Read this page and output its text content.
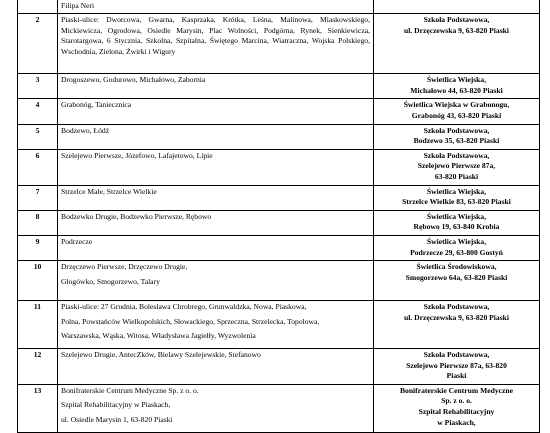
	Filipa Neri	

2	Piaski-ulice: Dworcowa, Gwarna, Kasprzaka, Krótka, Leśna, Malinowa, Miaskowskiego, Mickiewicza, Ogrodowa, Osiedle Marysin, Plac Wolności, Podgórna, Rynek, Sienkiewicza, Starotargowa, 6 Stycznia, Szkolna, Szpitalna, Świętego Marcina, Wiatraczna, Wojska Polskiego, Wschodnia, Zielona, Żwirki i Wigury	Szkoła Podstawowa,
ul. Drzęczewska 9, 63-820 Piaski

3	Drogoszewo, Godurowo, Michałowo, Zabornia	Świetlica Wiejska,
Michałowo 44, 63-820 Piaski

4	Grabonóg, Taniecznica	Świetlica Wiejska w Grabonogu,
Grabonóg 43, 63-820 Piaski

5	Bodzewo, Łódź	Szkoła Podstawowa,
Bodzewo 35, 63-820 Piaski

6	Szelejewo Pierwsze, Józefowo, Lafajetowo, Lipie	Szkoła Podstawowa,
Szelejewo Pierwsze 87a,
63-820 Piaski

7	Strzelce Małe, Strzelce Wielkie	Świetlica Wiejska,
Strzelce Wielkie 83, 63-820 Piaski

8	Bodzewko Drugie, Bodzewko Pierwsze, Rębowo	Świetlica Wiejska,
Rębowo 19, 63-840 Krobia

9	Podrzecze	Świetlica Wiejska,
Podrzecze 29, 63-800 Gostyń

10	Drzęczewo Pierwsze, Drzęczewo Drugie,
Głogówko, Smogorzewo, Talary	Świetlica Środowiskowa,
Smogorzewo 64a, 63-820 Piaski

11	Piaski-ulice: 27 Grudnia, Bolesława Chrobrego, Grunwaldzka, Nowa, Piaskowa,
Polna, Powstańców Wielkopolskich, Słowackiego, Sprzeczna, Strzelecka, Topolowa,
Warszawska, Wąska, Witosa, Władysława Jagiełły, Wyzwolenia	Szkoła Podstawowa,
ul. Drzęczewska 9, 63-820 Piaski

12	Szelejewo Drugie, AntecZków, Bielawy Szelejewskie, Stefanowo	Szkoła Podstawowa,
Szelejewo Pierwsze 87a, 63-820
Piaski

13	Bonifraterskie Centrum Medyczne Sp. z o. o.
Szpital Rehabilitacyjny w Piaskach,
ul. Osiedle Marysin 1, 63-820 Piaski	Bonifraterskie Centrum Medyczne
Sp. z o. o.
Szpital Rehabilitacyjny
w Piaskach,
